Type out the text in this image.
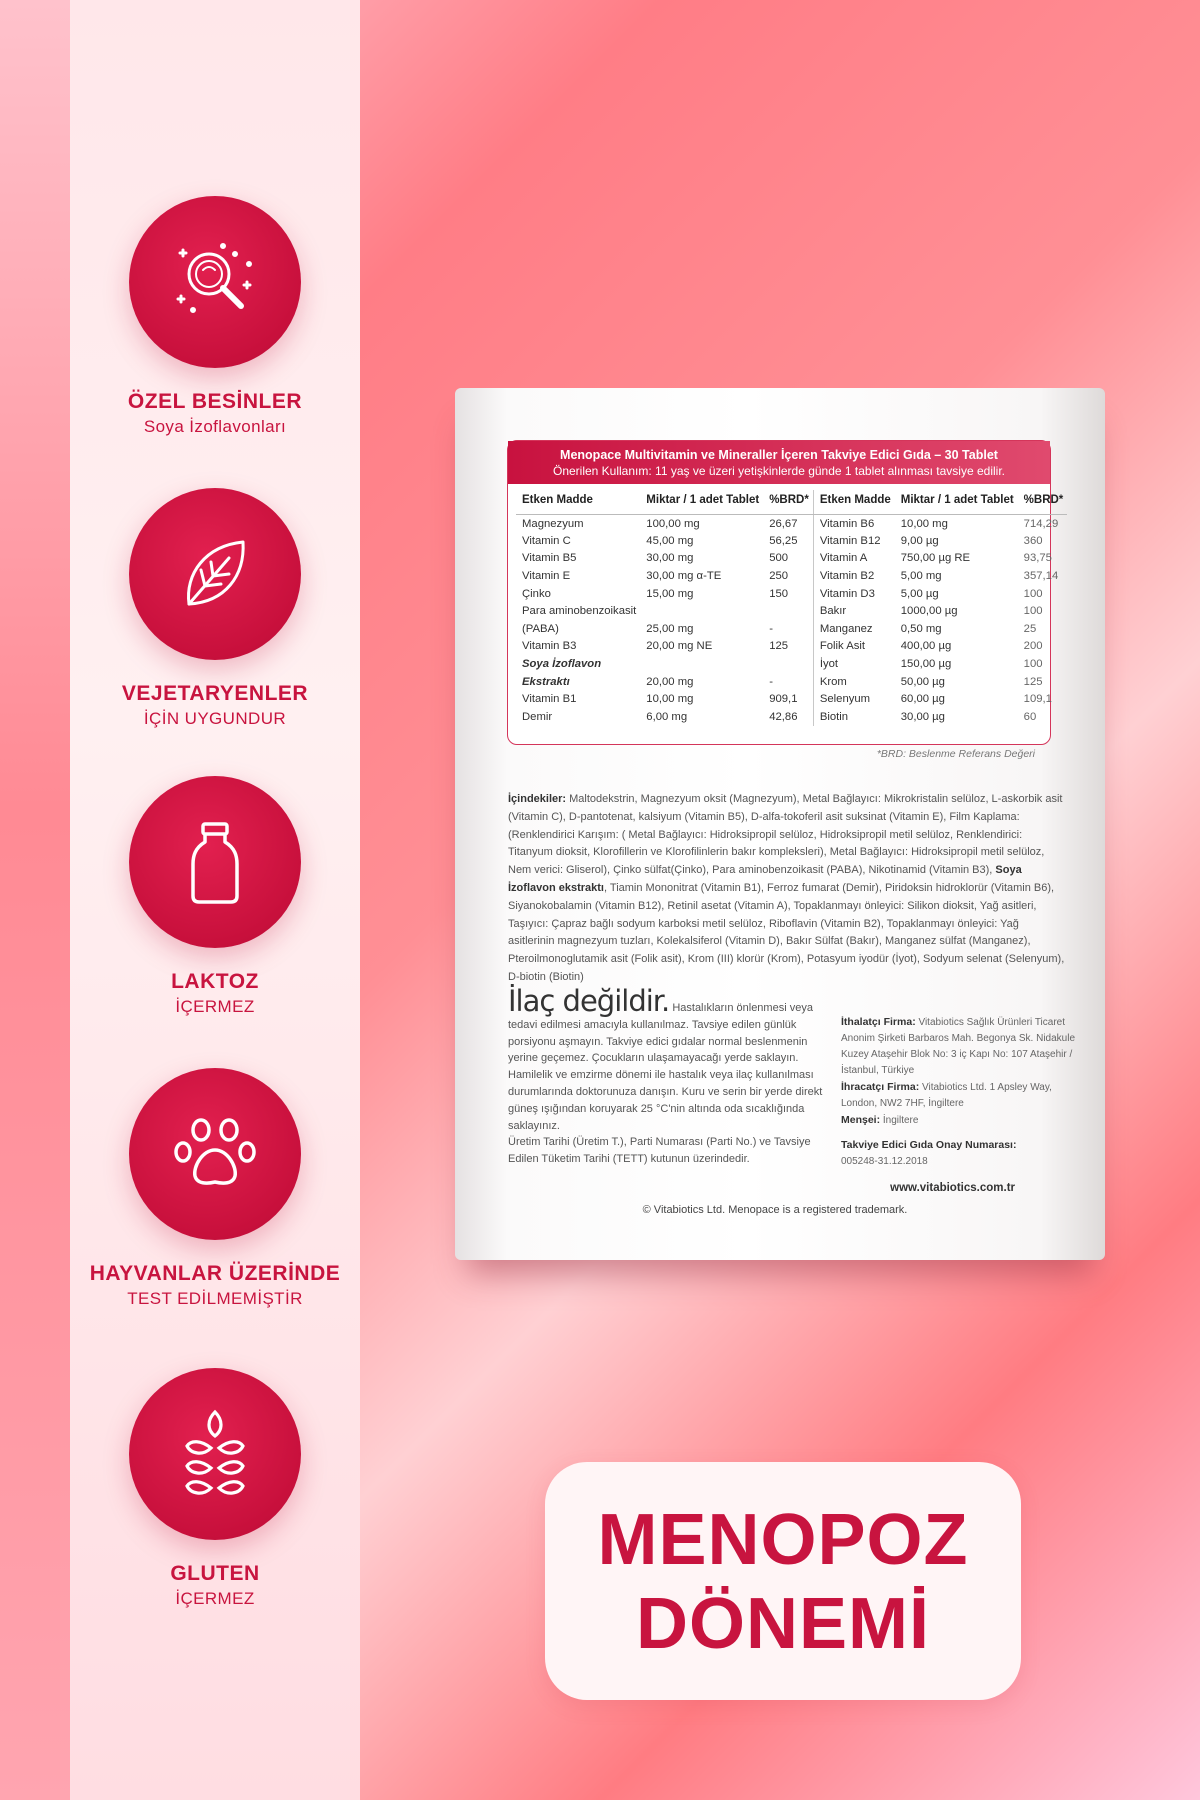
ÖZEL BESİNLER
Soya İzoflavonları
VEJETARYENLER
İÇİN UYGUNDUR
LAKTOZ
İÇERMEZ
HAYVANLAR ÜZERİNDE
TEST EDİLMEMİŞTİR
GLUTEN
İÇERMEZ
Menopace Multivitamin ve Mineraller İçeren Takviye Edici Gıda – 30 Tablet
Önerilen Kullanım: 11 yaş ve üzeri yetişkinlerde günde 1 tablet alınması tavsiye edilir.
Etken Madde	Miktar / 1 adet Tablet	%BRD*
Magnezyum	100,00 mg	26,67
Vitamin C	45,00 mg	56,25
Vitamin B5	30,00 mg	500
Vitamin E	30,00 mg α-TE	250
Çinko	15,00 mg	150
Para aminobenzoikasit		
(PABA)	25,00 mg	-
Vitamin B3	20,00 mg NE	125
Soya İzoflavon		
Ekstraktı	20,00 mg	-
Vitamin B1	10,00 mg	909,1
Demir	6,00 mg	42,86
Etken Madde	Miktar / 1 adet Tablet	%BRD*
Vitamin B6	10,00 mg	714,29
Vitamin B12	9,00 µg	360
Vitamin A	750,00 µg RE	93,75
Vitamin B2	5,00 mg	357,14
Vitamin D3	5,00 µg	100
Bakır	1000,00 µg	100
Manganez	0,50 mg	25
Folik Asit	400,00 µg	200
İyot	150,00 µg	100
Krom	50,00 µg	125
Selenyum	60,00 µg	109,1
Biotin	30,00 µg	60
*BRD: Beslenme Referans Değeri
İçindekiler: Maltodekstrin, Magnezyum oksit (Magnezyum), Metal Bağlayıcı: Mikrokristalin selüloz, L-askorbik asit (Vitamin C), D-pantotenat, kalsiyum (Vitamin B5), D-alfa-tokoferil asit suksinat (Vitamin E), Film Kaplama: (Renklendirici Karışım: ( Metal Bağlayıcı: Hidroksipropil selüloz, Hidroksipropil metil selüloz, Renklendirici: Titanyum dioksit, Klorofillerin ve Klorofilinlerin bakır kompleksleri), Metal Bağlayıcı: Hidroksipropil metil selüloz, Nem verici: Gliserol), Çinko sülfat(Çinko), Para aminobenzoikasit (PABA), Nikotinamid (Vitamin B3), Soya İzoflavon ekstraktı, Tiamin Mononitrat (Vitamin B1), Ferroz fumarat (Demir), Piridoksin hidroklorür (Vitamin B6), Siyanokobalamin (Vitamin B12), Retinil asetat (Vitamin A), Topaklanmayı önleyici: Silikon dioksit, Yağ asitleri, Taşıyıcı: Çapraz bağlı sodyum karboksi metil selüloz, Riboflavin (Vitamin B2), Topaklanmayı önleyici: Yağ asitlerinin magnezyum tuzları, Kolekalsiferol (Vitamin D), Bakır Sülfat (Bakır), Manganez sülfat (Manganez), Pteroilmonoglutamik asit (Folik asit), Krom (III) klorür (Krom), Potasyum iyodür (İyot), Sodyum selenat (Selenyum), D-biotin (Biotin)
İlaç değildir. Hastalıkların önlenmesi veya tedavi edilmesi amacıyla kullanılmaz. Tavsiye edilen günlük porsiyonu aşmayın. Takviye edici gıdalar normal beslenmenin yerine geçemez. Çocukların ulaşamayacağı yerde saklayın. Hamilelik ve emzirme dönemi ile hastalık veya ilaç kullanılması durumlarında doktorunuza danışın. Kuru ve serin bir yerde direkt güneş ışığından koruyarak 25 °C'nin altında oda sıcaklığında saklayınız.
Üretim Tarihi (Üretim T.), Parti Numarası (Parti No.) ve Tavsiye Edilen Tüketim Tarihi (TETT) kutunun üzerindedir.
İthalatçı Firma: Vitabiotics Sağlık Ürünleri Ticaret Anonim Şirketi Barbaros Mah. Begonya Sk. Nidakule Kuzey Ataşehir Blok No: 3 iç Kapı No: 107 Ataşehir / İstanbul, Türkiye
İhracatçı Firma: Vitabiotics Ltd. 1 Apsley Way, London, NW2 7HF, İngiltere
Menşei: İngiltere
Takviye Edici Gıda Onay Numarası:
005248-31.12.2018
www.vitabiotics.com.tr
© Vitabiotics Ltd. Menopace is a registered trademark.
MENOPOZ
DÖNEMİ
